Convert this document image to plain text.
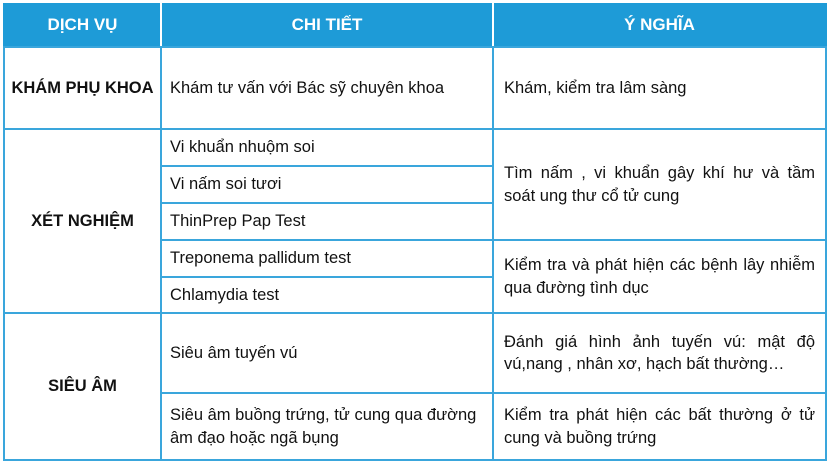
DỊCH VỤ	CHI TIẾT	Ý NGHĨA
KHÁM PHỤ KHOA	Khám tư vấn với Bác sỹ chuyên khoa	Khám, kiểm tra lâm sàng
XÉT NGHIỆM	Vi khuẩn nhuộm soi	Tìm nấm , vi khuẩn gây khí hư và tầm soát ung thư cổ tử cung
	Vi nấm soi tươi	
	ThinPrep Pap Test	
	Treponema pallidum test	Kiểm tra và phát hiện các bệnh lây nhiễm qua đường tình dục
	Chlamydia test	
SIÊU ÂM	Siêu âm tuyến vú	Đánh giá hình ảnh tuyến vú: mật độ vú,nang , nhân xơ, hạch bất thường…
	Siêu âm buồng trứng, tử cung qua đường âm đạo hoặc ngã bụng	Kiểm tra phát hiện các bất thường ở tử cung và buồng trứng
